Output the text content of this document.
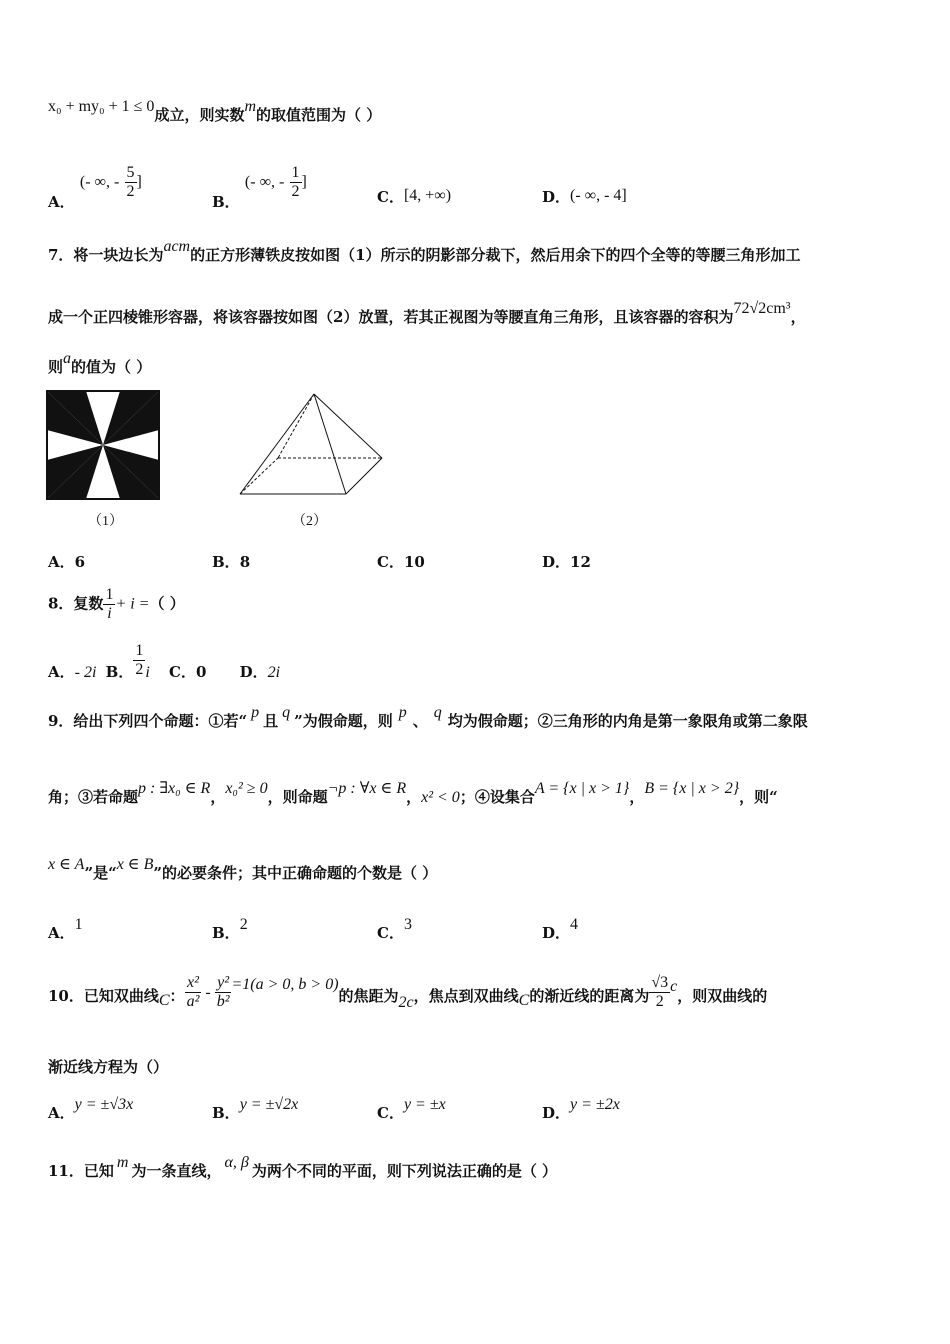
x₀ + my₀ + 1 ≤ 0成立，则实数m的取值范围为（ ）
A． (- ∞, - $\frac{5}{2}$ ]
B． (- ∞, - $\frac{1}{2}$ ]
C．[4, +∞)	D．(- ∞, - 4]
7．将一块边长为acm的正方形薄铁皮按如图（1）所示的阴影部分裁下，然后用余下的四个全等的等腰三角形加工
成一个正四棱锥形容器，将该容器按如图（2）放置，若其正视图为等腰直角三角形，且该容器的容积为72√2cm³，
则a的值为（ ）
（1）	（2）
A．6	B．8	C．10	D．12
8．复数 $\frac{1}{i} + i$ =（ ）
A．- 2i B． $\frac{1}{2}$ i C．0 D．2i
9．给出下列四个命题：①若“ p 且 q ”为假命题，则 p 、 q 均为假命题；②三角形的内角是第一象限角或第二象限
角；③若命题p : ∃x₀ ∈ R，x₀² ≥ 0，则命题¬p : ∀x ∈ R，x² < 0；④设集合A = {x | x > 1}，B = {x | x > 2}，则“
x ∈ A”是“x ∈ B”的必要条件；其中正确命题的个数是（ ）
A．1	B．2	C．3	D．4
10．已知双曲线C： $\frac{\text{x²}}{\text{a²}} - \frac{\text{y²}}{\text{b²}} =1(a > 0$, b > 0)的焦距为2c，焦点到双曲线C的渐近线的距离为 $\frac{√3}{2}$ c，则双曲线的
渐近线方程为（）
A．y = ±√3x	B．y = ±√2x	C．y = ±x	D．y = ±2x
11．已知 m 为一条直线， α, β 为两个不同的平面，则下列说法正确的是（ ）
